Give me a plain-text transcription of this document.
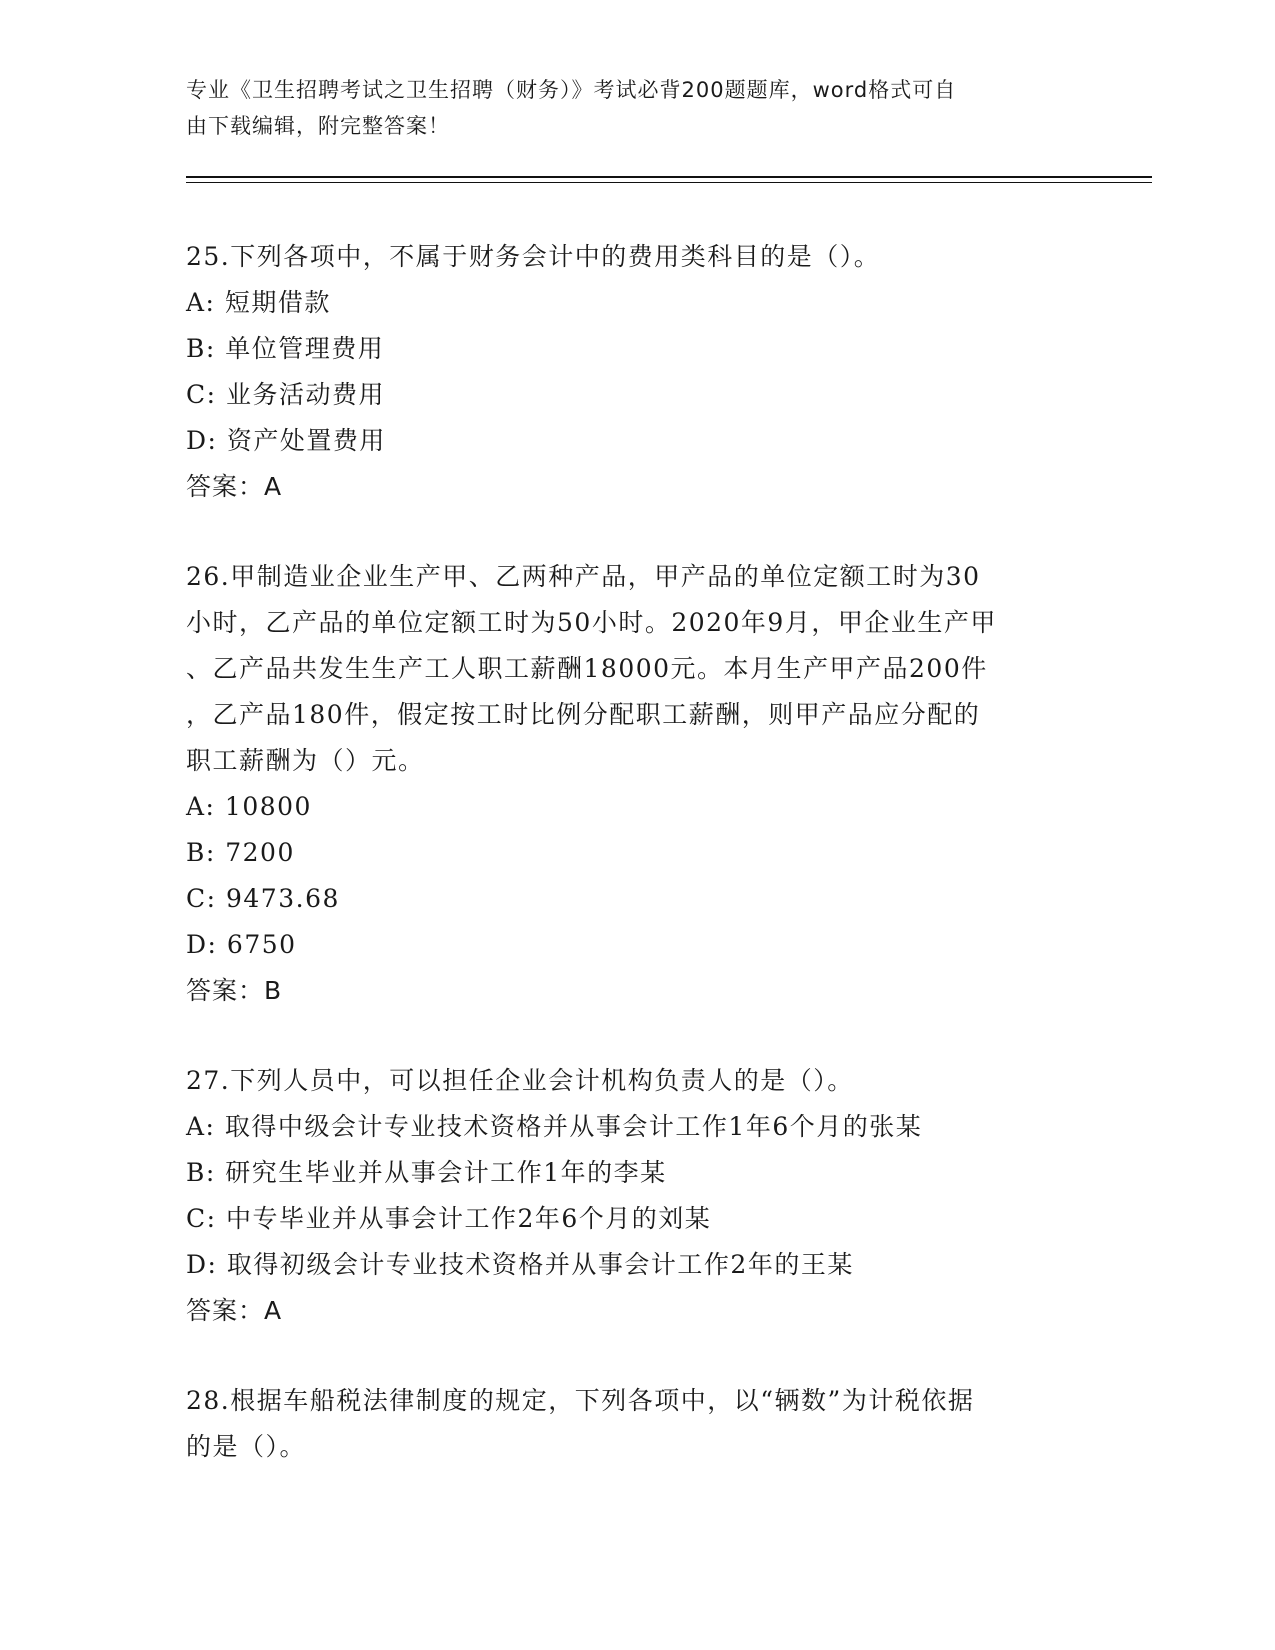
专业《卫生招聘考试之卫生招聘（财务）》考试必背200题题库，word格式可自
由下载编辑，附完整答案！
25.下列各项中，不属于财务会计中的费用类科目的是（）。
A: 短期借款
B: 单位管理费用
C: 业务活动费用
D: 资产处置费用
答案：A
26.甲制造业企业生产甲、乙两种产品，甲产品的单位定额工时为30
小时，乙产品的单位定额工时为50小时。2020年9月，甲企业生产甲
、乙产品共发生生产工人职工薪酬18000元。本月生产甲产品200件
，乙产品180件，假定按工时比例分配职工薪酬，则甲产品应分配的
职工薪酬为（）元。
A: 10800
B: 7200
C: 9473.68
D: 6750
答案：B
27.下列人员中，可以担任企业会计机构负责人的是（）。
A: 取得中级会计专业技术资格并从事会计工作1年6个月的张某
B: 研究生毕业并从事会计工作1年的李某
C: 中专毕业并从事会计工作2年6个月的刘某
D: 取得初级会计专业技术资格并从事会计工作2年的王某
答案：A
28.根据车船税法律制度的规定，下列各项中，以“辆数”为计税依据
的是（）。
